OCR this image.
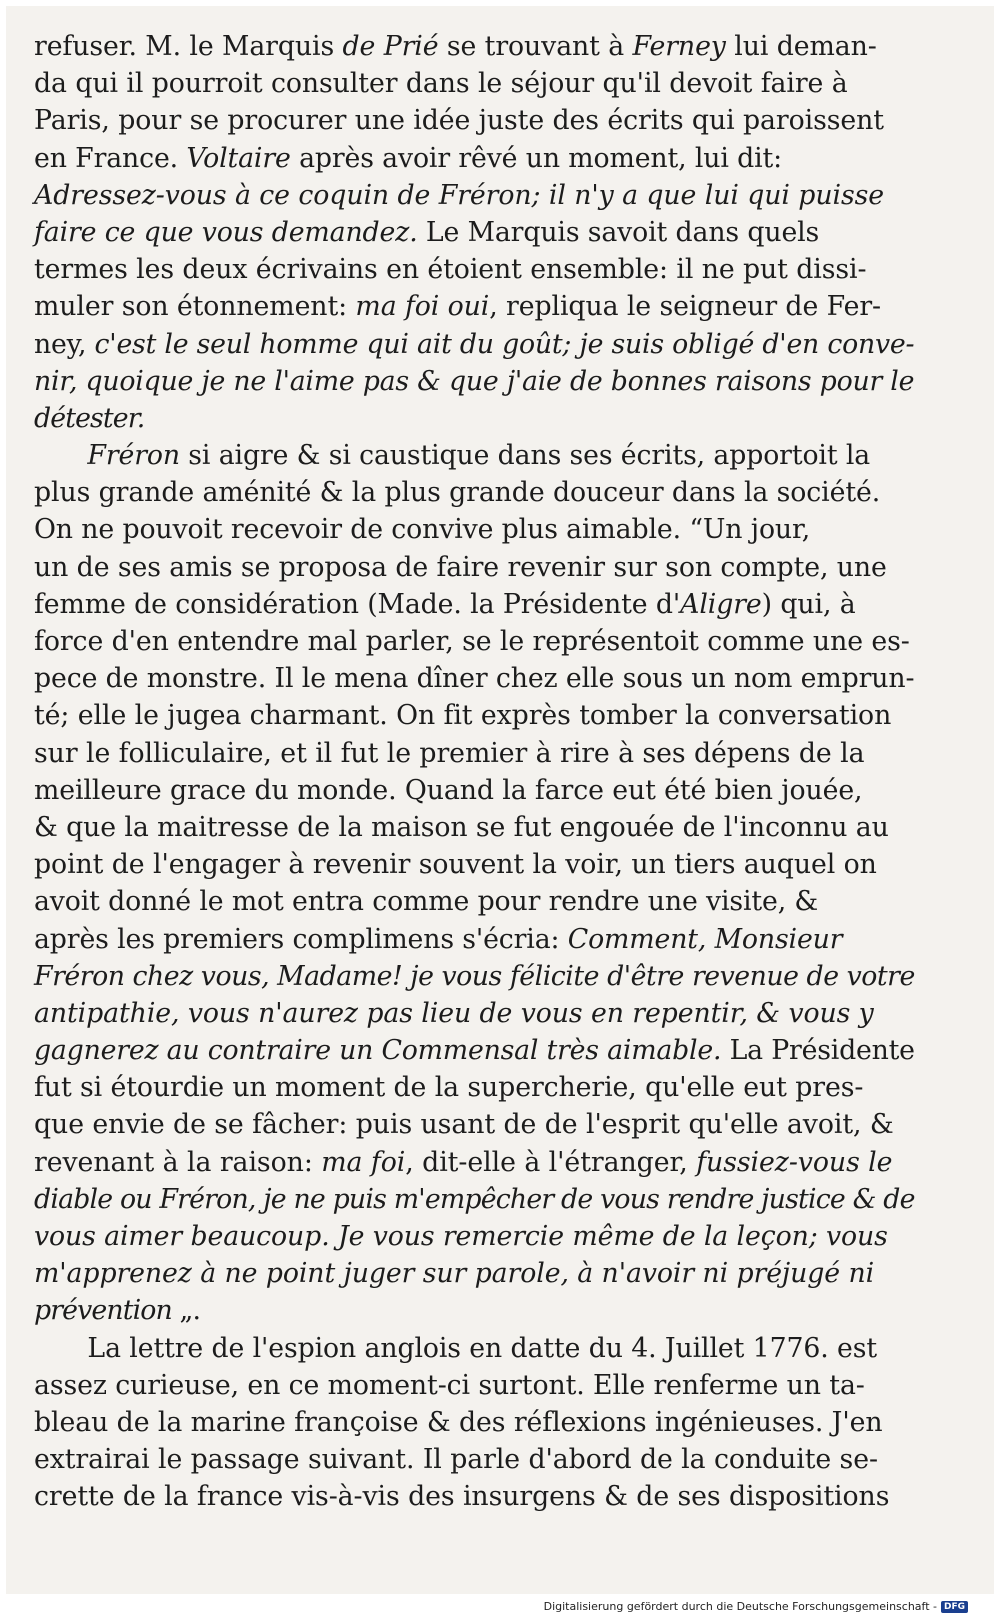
refuser. M. le Marquis de Prié se trouvant à Ferney lui deman-
da qui il pourroit consulter dans le séjour qu'il devoit faire à
Paris, pour se procurer une idée juste des écrits qui paroissent
en France. Voltaire après avoir rêvé un moment, lui dit:
Adressez-vous à ce coquin de Fréron; il n'y a que lui qui puisse
faire ce que vous demandez. Le Marquis savoit dans quels
termes les deux écrivains en étoient ensemble: il ne put dissi-
muler son étonnement: ma foi oui, repliqua le seigneur de Fer-
ney, c'est le seul homme qui ait du goût; je suis obligé d'en conve-
nir, quoique je ne l'aime pas & que j'aie de bonnes raisons pour le
détester.
Fréron si aigre & si caustique dans ses écrits, apportoit la
plus grande aménité & la plus grande douceur dans la société.
On ne pouvoit recevoir de convive plus aimable. “Un jour,
un de ses amis se proposa de faire revenir sur son compte, une
femme de considération (Made. la Présidente d'Aligre) qui, à
force d'en entendre mal parler, se le représentoit comme une es-
pece de monstre. Il le mena dîner chez elle sous un nom emprun-
té; elle le jugea charmant. On fit exprès tomber la conversation
sur le folliculaire, et il fut le premier à rire à ses dépens de la
meilleure grace du monde. Quand la farce eut été bien jouée,
& que la maitresse de la maison se fut engouée de l'inconnu au
point de l'engager à revenir souvent la voir, un tiers auquel on
avoit donné le mot entra comme pour rendre une visite, &
après les premiers complimens s'écria: Comment, Monsieur
Fréron chez vous, Madame! je vous félicite d'être revenue de votre
antipathie, vous n'aurez pas lieu de vous en repentir, & vous y
gagnerez au contraire un Commensal très aimable. La Présidente
fut si étourdie un moment de la supercherie, qu'elle eut pres-
que envie de se fâcher: puis usant de de l'esprit qu'elle avoit, &
revenant à la raison: ma foi, dit-elle à l'étranger, fussiez-vous le
diable ou Fréron, je ne puis m'empêcher de vous rendre justice & de
vous aimer beaucoup. Je vous remercie même de la leçon; vous
m'apprenez à ne point juger sur parole, à n'avoir ni préjugé ni
prévention „.
La lettre de l'espion anglois en datte du 4. Juillet 1776. est
assez curieuse, en ce moment-ci surtont. Elle renferme un ta-
bleau de la marine françoise & des réflexions ingénieuses. J'en
extrairai le passage suivant. Il parle d'abord de la conduite se-
crette de la france vis-à-vis des insurgens & de ses dispositions
Digitalisierung gefördert durch die Deutsche Forschungsgemeinschaft - DFG
